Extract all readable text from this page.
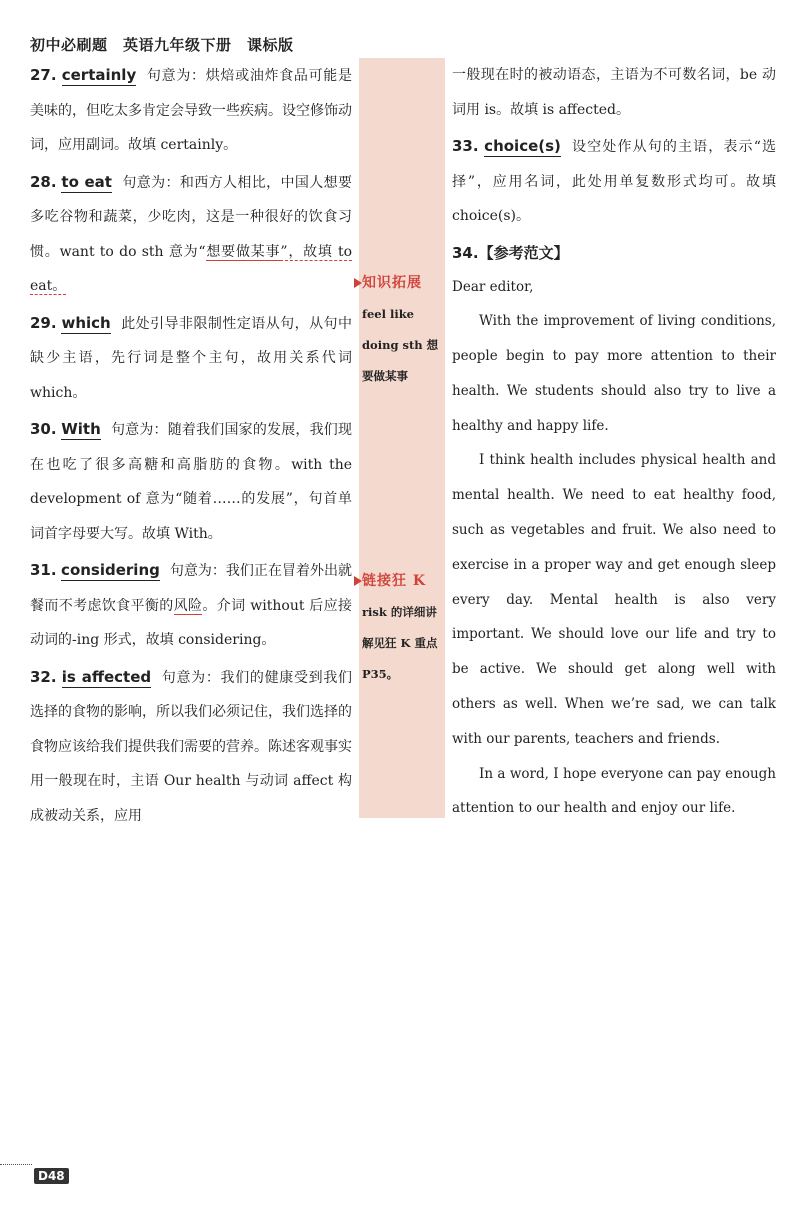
初中必刷题　英语九年级下册　课标版

27. certainly 句意为：烘焙或油炸食品可能是美味的，但吃太多肯定会导致一些疾病。设空修饰动词，应用副词。故填 certainly。

28. to eat 句意为：和西方人相比，中国人想要多吃谷物和蔬菜，少吃肉，这是一种很好的饮食习惯。want to do sth 意为“想要做某事”，故填 to eat。

29. which 此处引导非限制性定语从句，从句中缺少主语，先行词是整个主句，故用关系代词 which。

30. With 句意为：随着我们国家的发展，我们现在也吃了很多高糖和高脂肪的食物。with the development of 意为“随着……的发展”，句首单词首字母要大写。故填 With。

31. considering 句意为：我们正在冒着外出就餐而不考虑饮食平衡的风险。介词 without 后应接动词的-ing 形式，故填 considering。

32. is affected 句意为：我们的健康受到我们选择的食物的影响，所以我们必须记住，我们选择的食物应该给我们提供我们需要的营养。陈述客观事实用一般现在时，主语 Our health 与动词 affect 构成被动关系，应用

知识拓展
feel like doing sth 想要做某事
链接狂 K
risk 的详细讲解见狂 K 重点 P35。

一般现在时的被动语态，主语为不可数名词，be 动词用 is。故填 is affected。

33. choice(s) 设空处作从句的主语，表示“选择”，应用名词，此处用单复数形式均可。故填 choice(s)。

34.【参考范文】

Dear editor,

With the improvement of living conditions, people begin to pay more attention to their health. We students should also try to live a healthy and happy life.

I think health includes physical health and mental health. We need to eat healthy food, such as vegetables and fruit. We also need to exercise in a proper way and get enough sleep every day. Mental health is also very important. We should love our life and try to be active. We should get along well with others as well. When we’re sad, we can talk with our parents, teachers and friends.

In a word, I hope everyone can pay enough attention to our health and enjoy our life.

D48
